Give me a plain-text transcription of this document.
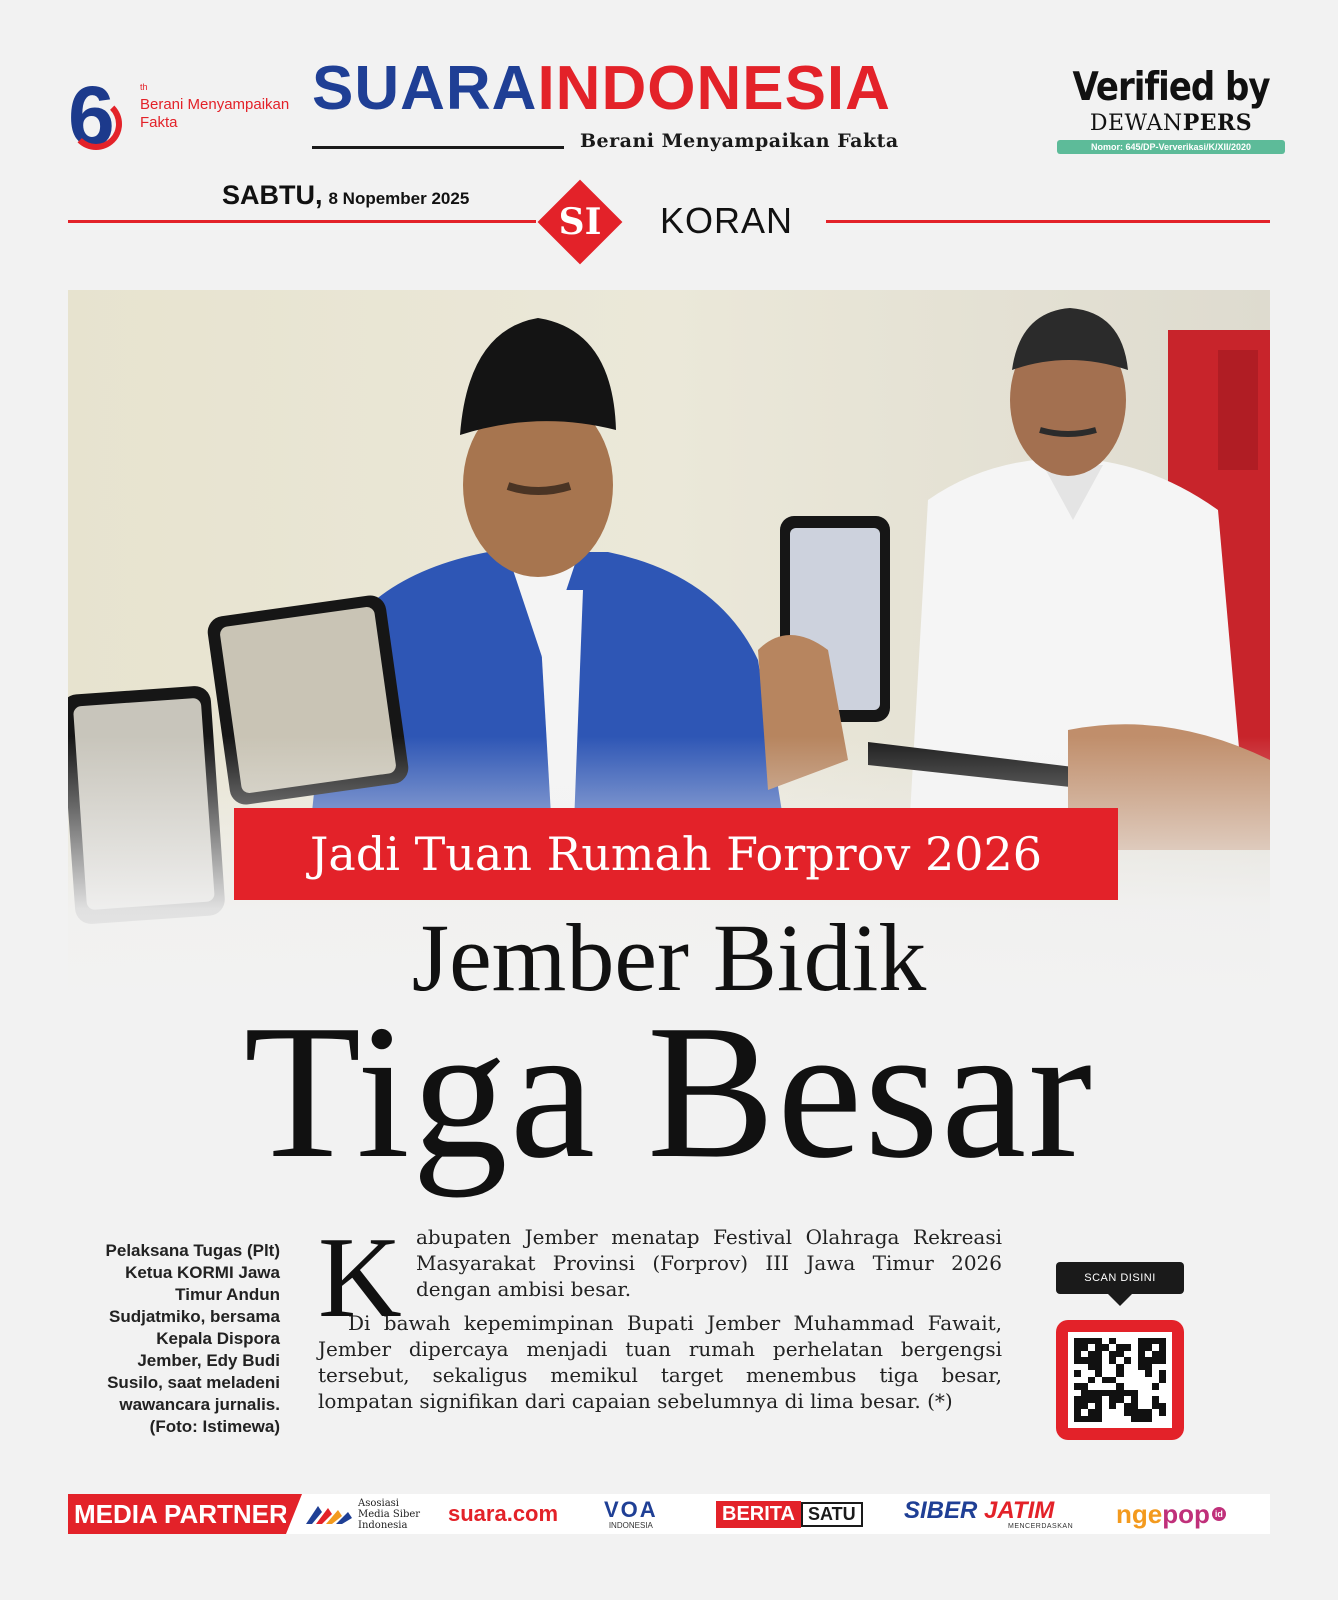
6	th
Berani Menyampaikan Fakta	SUARAINDONESIA
Berani Menyampaikan Fakta
Verified by
DEWANPERS
Nomor: 645/DP-Ververikasi/K/XII/2020
SABTU, 8 Nopember 2025
SI	KORAN
Jadi Tuan Rumah Forprov 2026
Jember Bidik
Tiga Besar
Pelaksana Tugas (Plt) Ketua KORMI Jawa Timur Andun Sudjatmiko, bersama Kepala Dispora Jember, Edy Budi Susilo, saat meladeni wawancara jurnalis. (Foto: Istimewa)
K abupaten Jember menatap Festival Olahraga Rekreasi Masyarakat Provinsi (Forprov) III Jawa Timur 2026 dengan ambisi besar.
Di bawah kepemimpinan Bupati Jember Muhammad Fawait, Jember dipercaya menjadi tuan rumah perhelatan bergengsi tersebut, sekaligus memikul target menembus tiga besar, lompatan signifikan dari capaian sebelumnya di lima besar. (*)
SCAN DISINI
MEDIA PARTNER	Asosiasi Media Siber Indonesia	suara.com VOA
INDONESIA
BERITA SATU SIBER JATIM
MENCERDASKAN nge pop id
